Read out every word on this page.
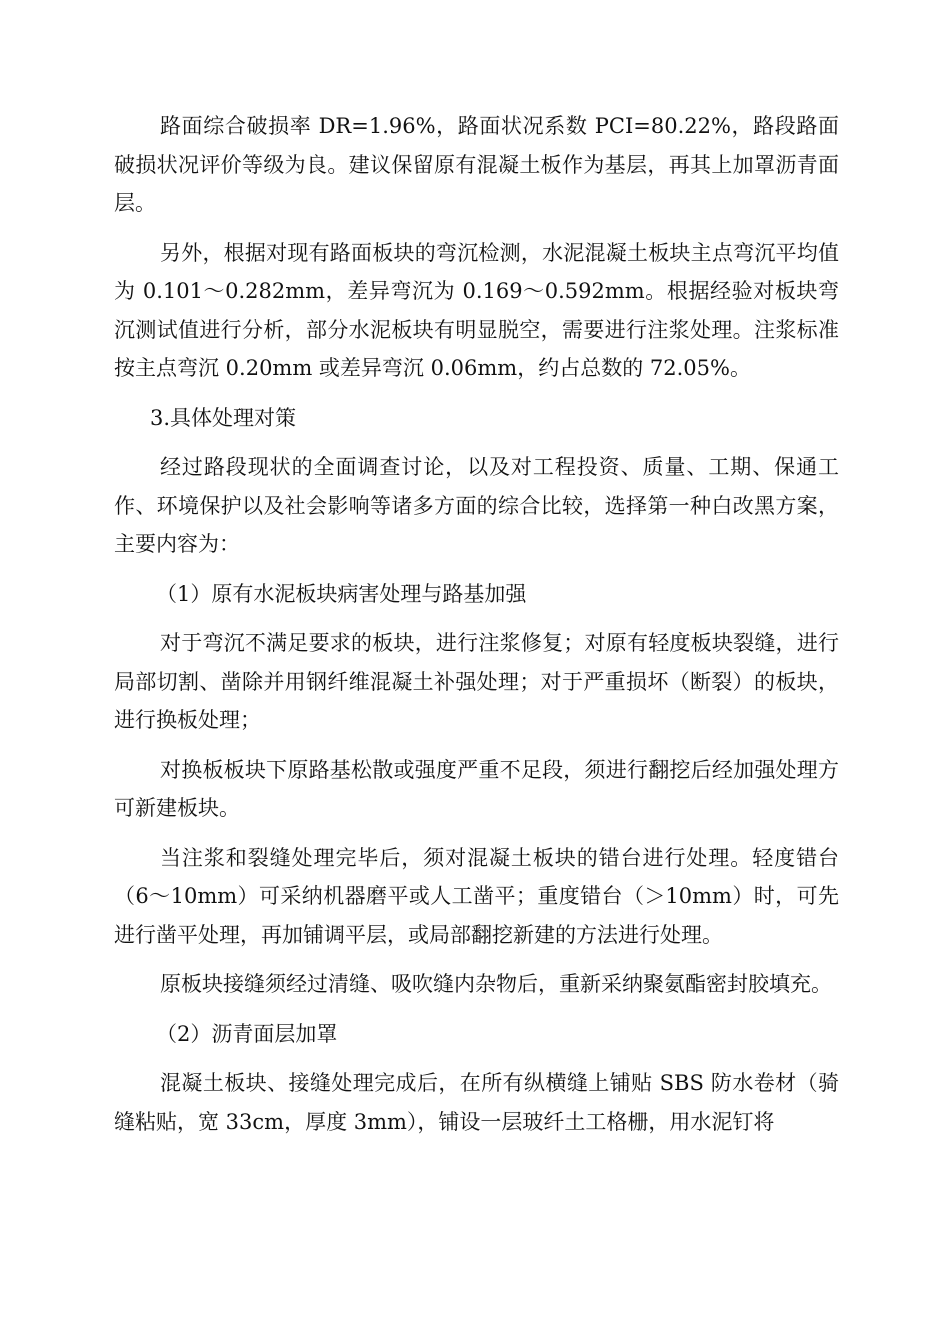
路面综合破损率 DR=1.96%，路面状况系数 PCI=80.22%，路段路面破损状况评价等级为良。建议保留原有混凝土板作为基层，再其上加罩沥青面层。

另外，根据对现有路面板块的弯沉检测，水泥混凝土板块主点弯沉平均值为 0.101～0.282mm，差异弯沉为 0.169～0.592mm。根据经验对板块弯沉测试值进行分析，部分水泥板块有明显脱空，需要进行注浆处理。注浆标准按主点弯沉 0.20mm 或差异弯沉 0.06mm，约占总数的 72.05%。

3.具体处理对策

经过路段现状的全面调查讨论，以及对工程投资、质量、工期、保通工作、环境保护以及社会影响等诸多方面的综合比较，选择第一种白改黑方案，主要内容为：

（1）原有水泥板块病害处理与路基加强

对于弯沉不满足要求的板块，进行注浆修复；对原有轻度板块裂缝，进行局部切割、凿除并用钢纤维混凝土补强处理；对于严重损坏（断裂）的板块，进行换板处理；

对换板板块下原路基松散或强度严重不足段，须进行翻挖后经加强处理方可新建板块。

当注浆和裂缝处理完毕后，须对混凝土板块的错台进行处理。轻度错台（6～10mm）可采纳机器磨平或人工凿平；重度错台（＞10mm）时，可先进行凿平处理，再加铺调平层，或局部翻挖新建的方法进行处理。

原板块接缝须经过清缝、吸吹缝内杂物后，重新采纳聚氨酯密封胶填充。

（2）沥青面层加罩

混凝土板块、接缝处理完成后，在所有纵横缝上铺贴 SBS 防水卷材（骑缝粘贴，宽 33cm，厚度 3mm），铺设一层玻纤土工格栅，用水泥钉将
